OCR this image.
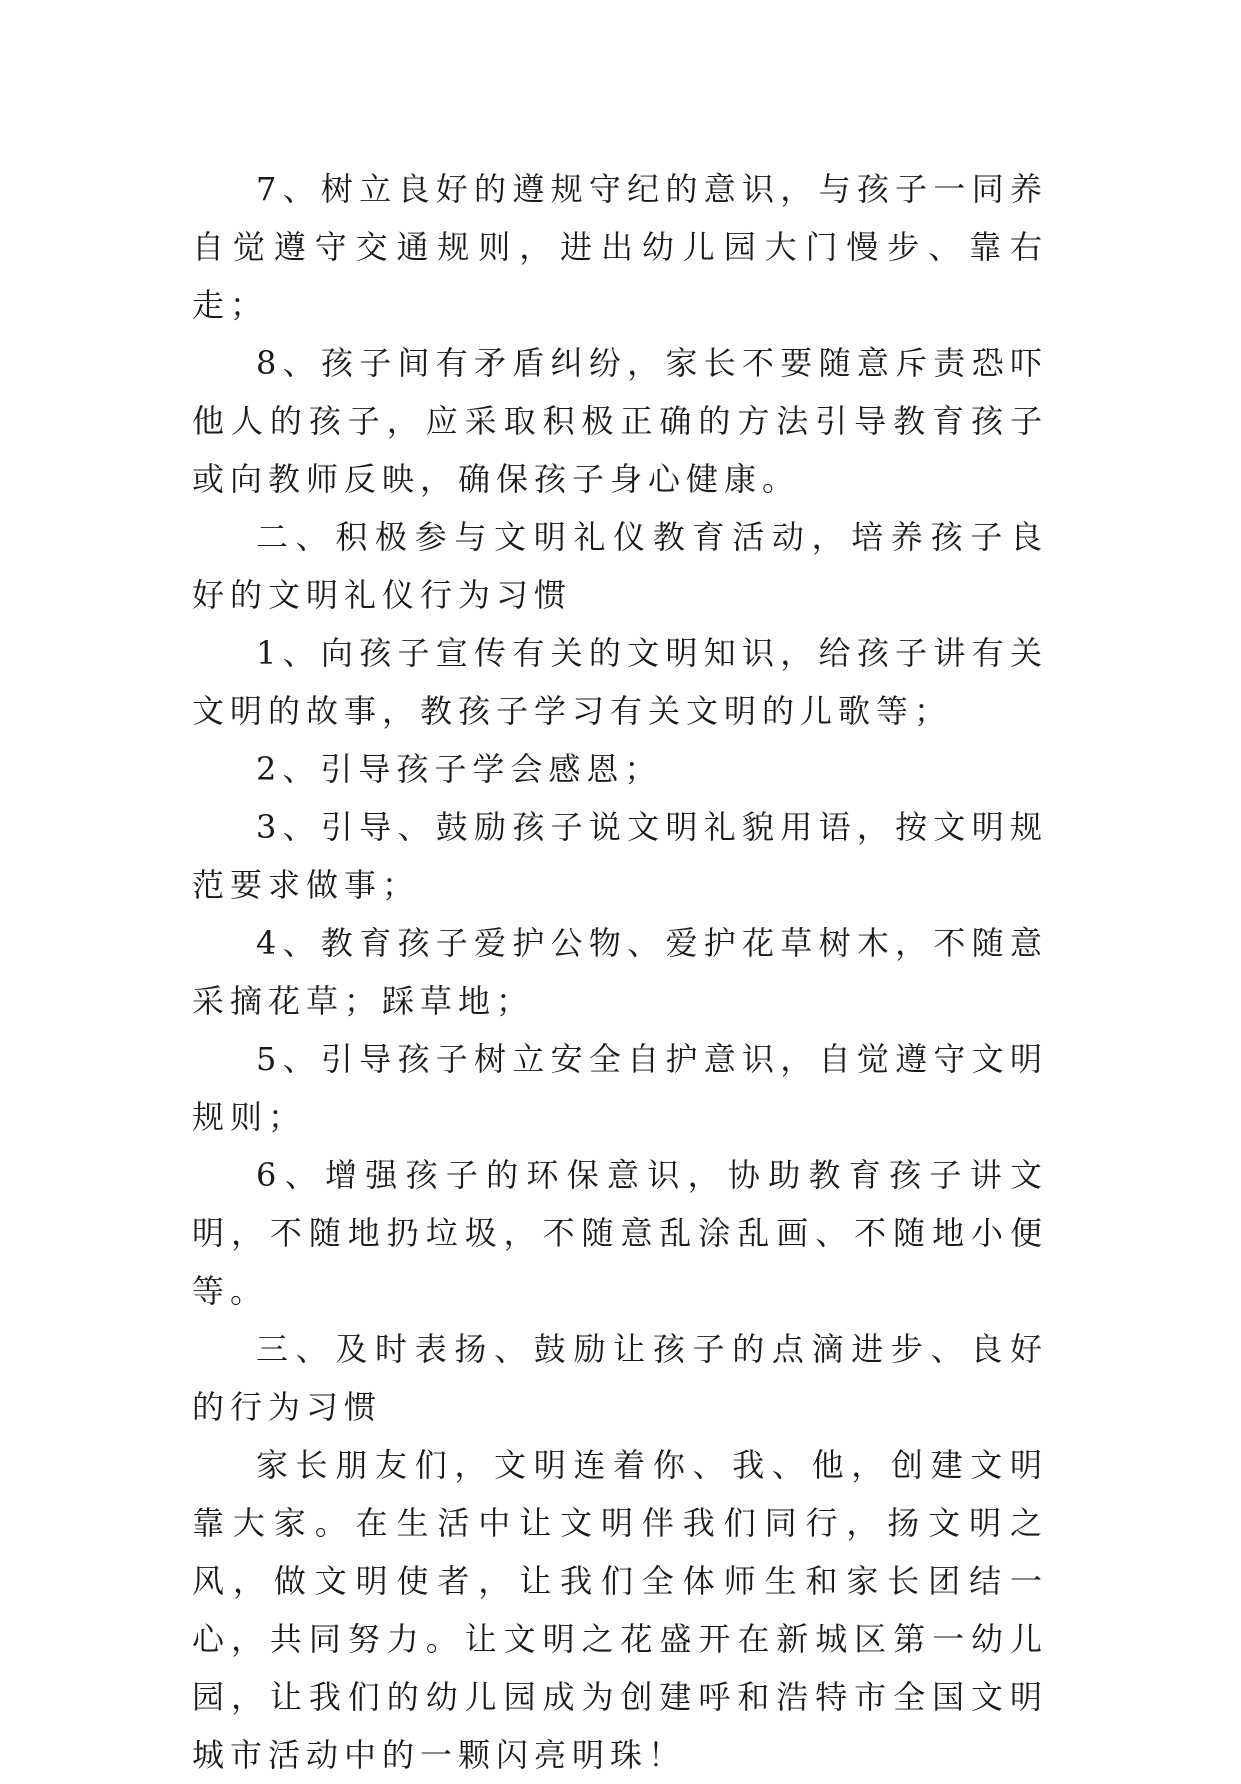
7、树立良好的遵规守纪的意识，与孩子一同养自觉遵守交通规则，进出幼儿园大门慢步、靠右走；

8、孩子间有矛盾纠纷，家长不要随意斥责恐吓他人的孩子，应采取积极正确的方法引导教育孩子或向教师反映，确保孩子身心健康。

二、积极参与文明礼仪教育活动，培养孩子良好的文明礼仪行为习惯

1、向孩子宣传有关的文明知识，给孩子讲有关文明的故事，教孩子学习有关文明的儿歌等；

2、引导孩子学会感恩；

3、引导、鼓励孩子说文明礼貌用语，按文明规范要求做事；

4、教育孩子爱护公物、爱护花草树木，不随意采摘花草；踩草地；

5、引导孩子树立安全自护意识，自觉遵守文明规则；

6、增强孩子的环保意识，协助教育孩子讲文明，不随地扔垃圾，不随意乱涂乱画、不随地小便等。

三、及时表扬、鼓励让孩子的点滴进步、良好的行为习惯

家长朋友们，文明连着你、我、他，创建文明靠大家。在生活中让文明伴我们同行，扬文明之风，做文明使者，让我们全体师生和家长团结一心，共同努力。让文明之花盛开在新城区第一幼儿园，让我们的幼儿园成为创建呼和浩特市全国文明城市活动中的一颗闪亮明珠！
